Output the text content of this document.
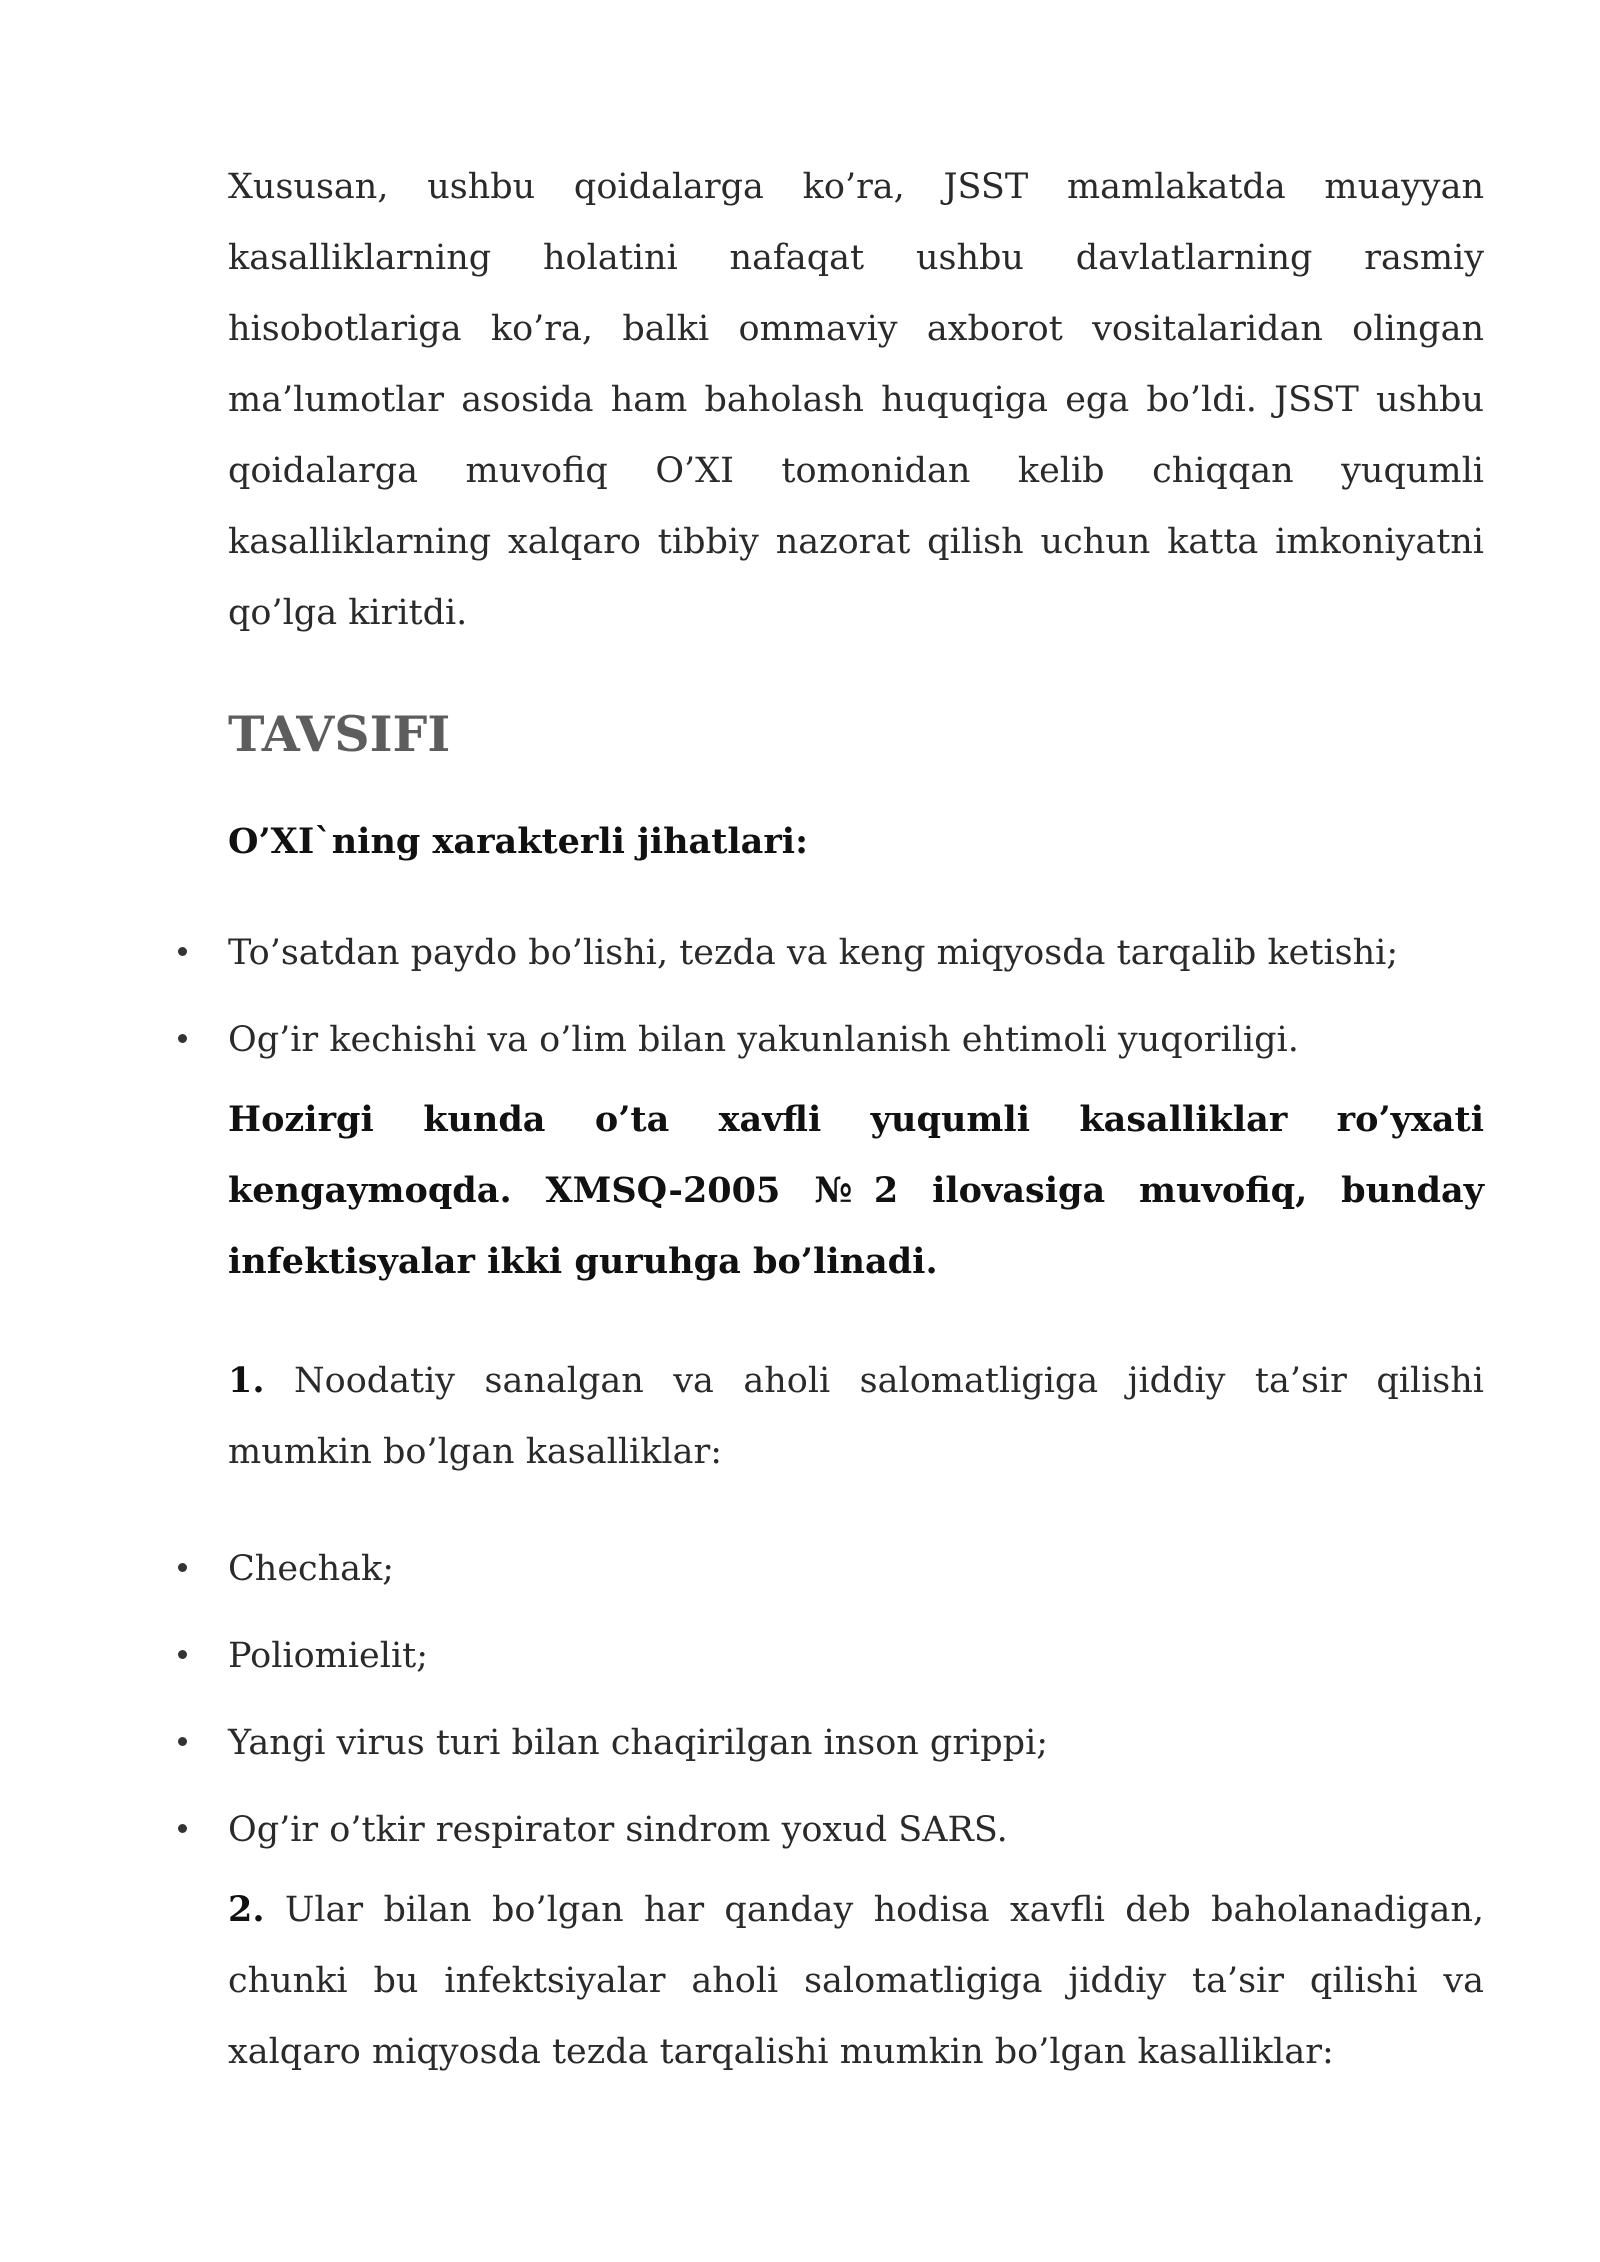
Xususan, ushbu qoidalarga ko’ra, JSST mamlakatda muayyan kasalliklarning holatini nafaqat ushbu davlatlarning rasmiy hisobotlariga ko’ra, balki ommaviy axborot vositalaridan olingan ma’lumotlar asosida ham baholash huquqiga ega bo’ldi. JSST ushbu qoidalarga muvofiq O’XI tomonidan kelib chiqqan yuqumli kasalliklarning xalqaro tibbiy nazorat qilish uchun katta imkoniyatni qo’lga kiritdi.

TAVSIFI

O’XI`ning xarakterli jihatlari:

To’satdan paydo bo’lishi, tezda va keng miqyosda tarqalib ketishi;
Og’ir kechishi va o’lim bilan yakunlanish ehtimoli yuqoriligi.

Hozirgi kunda o’ta xavfli yuqumli kasalliklar ro’yxati kengaymoqda. XMSQ-2005 №2 ilovasiga muvofiq, bunday infektisyalar ikki guruhga bo’linadi.

1. Noodatiy sanalgan va aholi salomatligiga jiddiy ta’sir qilishi mumkin bo’lgan kasalliklar:

Chechak;
Poliomielit;
Yangi virus turi bilan chaqirilgan inson grippi;
Og’ir o’tkir respirator sindrom yoxud SARS.

2. Ular bilan bo’lgan har qanday hodisa xavfli deb baholanadigan, chunki bu infektsiyalar aholi salomatligiga jiddiy ta’sir qilishi va xalqaro miqyosda tezda tarqalishi mumkin bo’lgan kasalliklar:
